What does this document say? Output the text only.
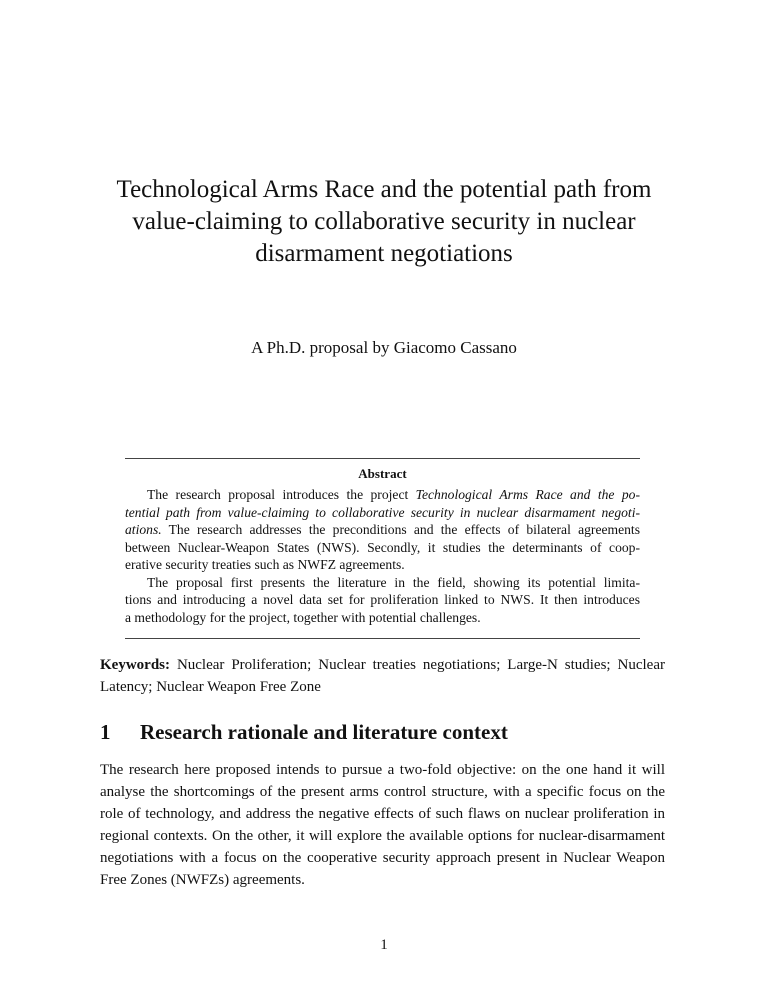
Technological Arms Race and the potential path from
value-claiming to collaborative security in nuclear
disarmament negotiations
A Ph.D. proposal by Giacomo Cassano
Abstract
The research proposal introduces the project Technological Arms Race and the po-
tential path from value-claiming to collaborative security in nuclear disarmament negoti-
ations. The research addresses the preconditions and the effects of bilateral agreements
between Nuclear-Weapon States (NWS). Secondly, it studies the determinants of coop-
erative security treaties such as NWFZ agreements.
The proposal first presents the literature in the field, showing its potential limita-
tions and introducing a novel data set for proliferation linked to NWS. It then introduces
a methodology for the project, together with potential challenges.
Keywords: Nuclear Proliferation; Nuclear treaties negotiations; Large-N studies; Nuclear
Latency; Nuclear Weapon Free Zone
1 Research rationale and literature context
The research here proposed intends to pursue a two-fold objective: on the one hand it will
analyse the shortcomings of the present arms control structure, with a specific focus on the
role of technology, and address the negative effects of such flaws on nuclear proliferation in
regional contexts. On the other, it will explore the available options for nuclear-disarmament
negotiations with a focus on the cooperative security approach present in Nuclear Weapon
Free Zones (NWFZs) agreements.
1
